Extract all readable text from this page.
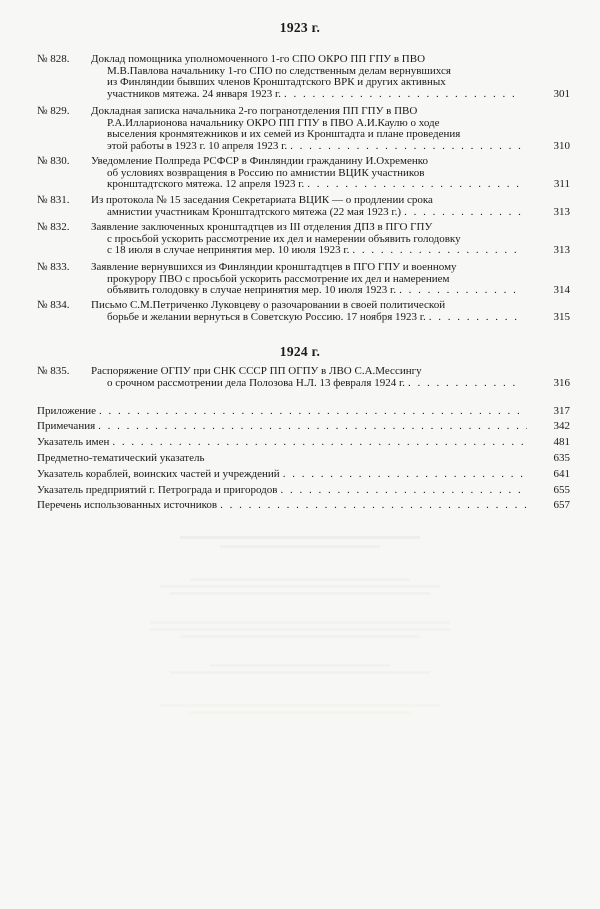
1923 г.
№ 828. Доклад помощника уполномоченного 1-го СПО ОКРО ПП ГПУ в ПВО
М.В.Павлова начальнику 1-го СПО по следственным делам вернувшихся
из Финляндии бывших членов Кронштадтского ВРК и других активных
участников мятежа. 24 января 1923 г. . . .	301
№ 829. Докладная записка начальника 2-го погранотделения ПП ГПУ в ПВО
Р.А.Илларионова начальнику ОКРО ПП ГПУ в ПВО А.И.Каулю о ходе
выселения кронмятежников и их семей из Кронштадта и плане проведения
этой работы в 1923 г. 10 апреля 1923 г. . . .	310
№ 830. Уведомление Полпреда РСФСР в Финляндии гражданину И.Охременко
об условиях возвращения в Россию по амнистии ВЦИК участников
кронштадтского мятежа. 12 апреля 1923 г. . . .	311
№ 831. Из протокола № 15 заседания Секретариата ВЦИК — о продлении срока
амнистии участникам Кронштадтского мятежа (22 мая 1923 г.) . . .	313
№ 832. Заявление заключенных кронштадтцев из III отделения ДПЗ в ПГО ГПУ
с просьбой ускорить рассмотрение их дел и намерении объявить голодовку
с 18 июля в случае непринятия мер. 10 июля 1923 г. . . .	313
№ 833. Заявление вернувшихся из Финляндии кронштадтцев в ПГО ГПУ и военному
прокурору ПВО с просьбой ускорить рассмотрение их дел и намерением
объявить голодовку в случае непринятия мер. 10 июля 1923 г. . . .	314
№ 834. Письмо С.М.Петриченко Луковцеву о разочаровании в своей политической
борьбе и желании вернуться в Советскую Россию. 17 ноября 1923 г. . . .	315
1924 г.
№ 835. Распоряжение ОГПУ при СНК СССР ПП ОГПУ в ЛВО С.А.Мессингу
о срочном рассмотрении дела Полозова Н.Л. 13 февраля 1924 г. . . .	316
Приложение . . .	317
Примечания . . .	342
Указатель имен . . .	481
Предметно-тематический указатель	635
Указатель кораблей, воинских частей и учреждений . . .	641
Указатель предприятий г. Петрограда и пригородов . . .	655
Перечень использованных источников . . .	657
